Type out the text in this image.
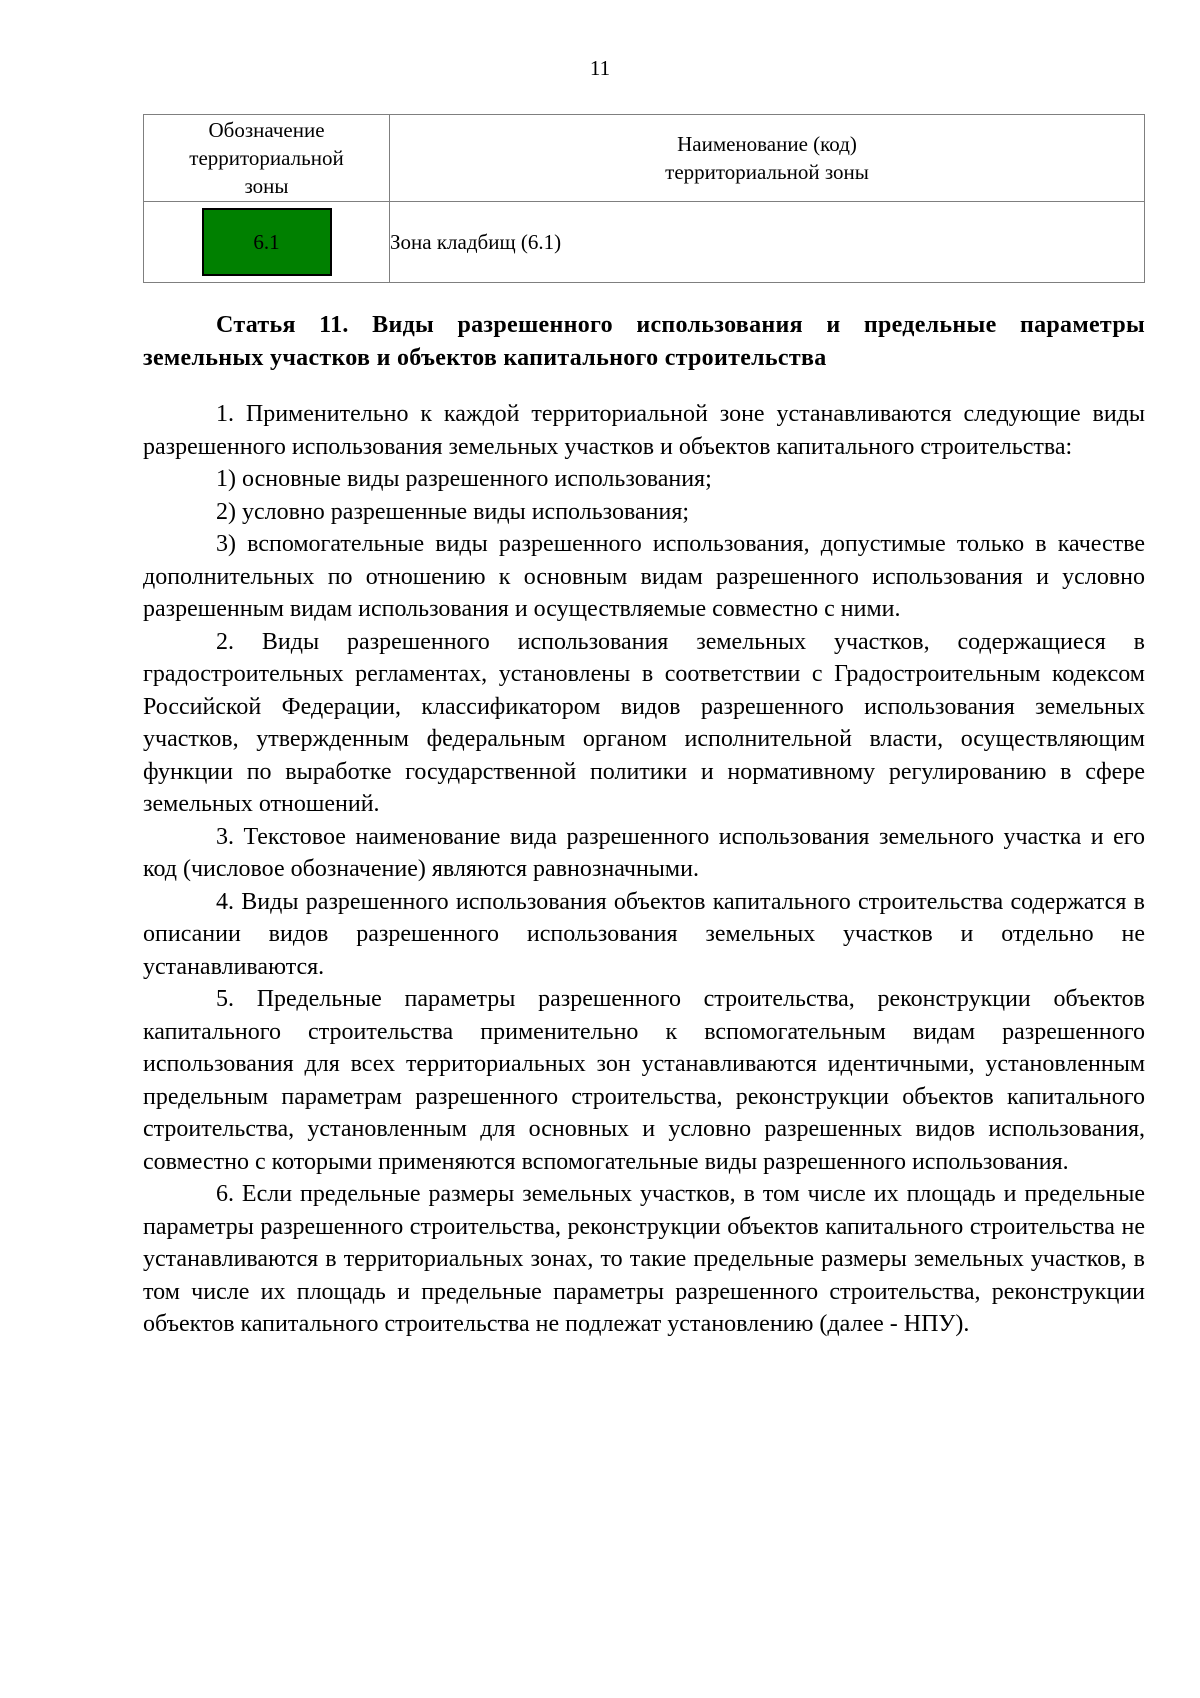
11
Обозначение территориальной зоны	Наименование (код)
территориальной зоны

6.1	Зона кладбищ (6.1)

Статья 11. Виды разрешенного использования и предельные параметры земельных участков и объектов капитального строительства

1. Применительно к каждой территориальной зоне устанавливаются следующие виды разрешенного использования земельных участков и объектов капитального строительства:

1) основные виды разрешенного использования;

2) условно разрешенные виды использования;

3) вспомогательные виды разрешенного использования, допустимые только в качестве дополнительных по отношению к основным видам разрешенного использования и условно разрешенным видам использования и осуществляемые совместно с ними.

2. Виды разрешенного использования земельных участков, содержащиеся в градостроительных регламентах, установлены в соответствии с Градостроительным кодексом Российской Федерации, классификатором видов разрешенного использования земельных участков, утвержденным федеральным органом исполнительной власти, осуществляющим функции по выработке государственной политики и нормативному регулированию в сфере земельных отношений.

3. Текстовое наименование вида разрешенного использования земельного участка и его код (числовое обозначение) являются равнозначными.

4. Виды разрешенного использования объектов капитального строительства содержатся в описании видов разрешенного использования земельных участков и отдельно не устанавливаются.

5. Предельные параметры разрешенного строительства, реконструкции объектов капитального строительства применительно к вспомогательным видам разрешенного использования для всех территориальных зон устанавливаются идентичными, установленным предельным параметрам разрешенного строительства, реконструкции объектов капитального строительства, установленным для основных и условно разрешенных видов использования, совместно с которыми применяются вспомогательные виды разрешенного использования.

6. Если предельные размеры земельных участков, в том числе их площадь и предельные параметры разрешенного строительства, реконструкции объектов капитального строительства не устанавливаются в территориальных зонах, то такие предельные размеры земельных участков, в том числе их площадь и предельные параметры разрешенного строительства, реконструкции объектов капитального строительства не подлежат установлению (далее - НПУ).
